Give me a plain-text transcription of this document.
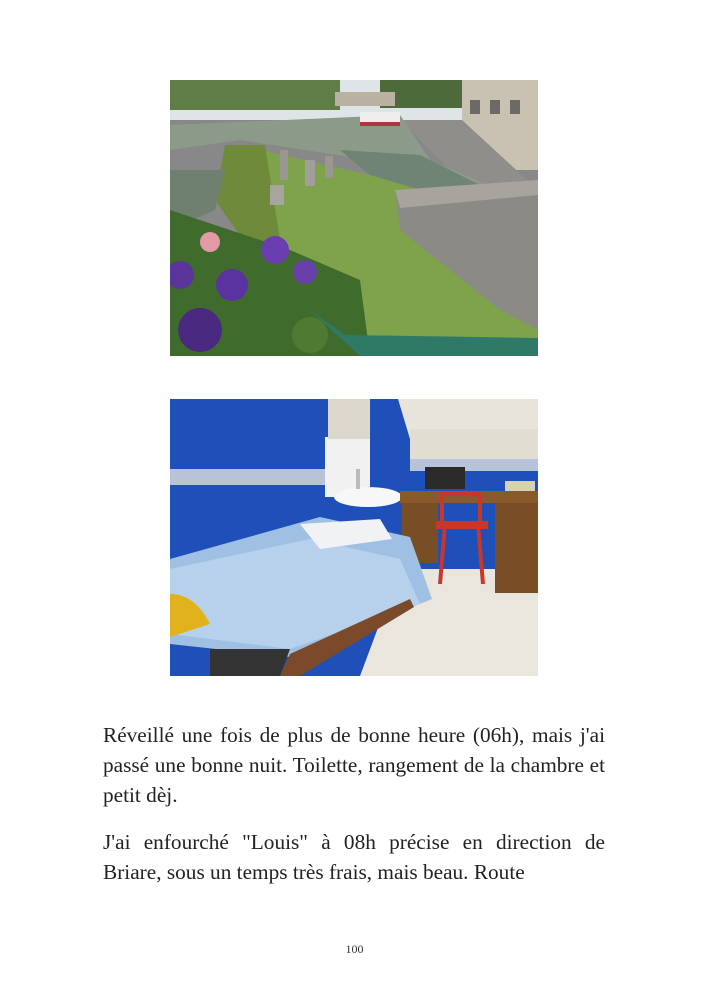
Réveillé une fois de plus de bonne heure (06h), mais j'ai passé une bonne nuit. Toilette, rangement de la chambre et petit dèj.

J'ai enfourché "Louis" à 08h précise en direction de Briare, sous un temps très frais, mais beau. Route

100
